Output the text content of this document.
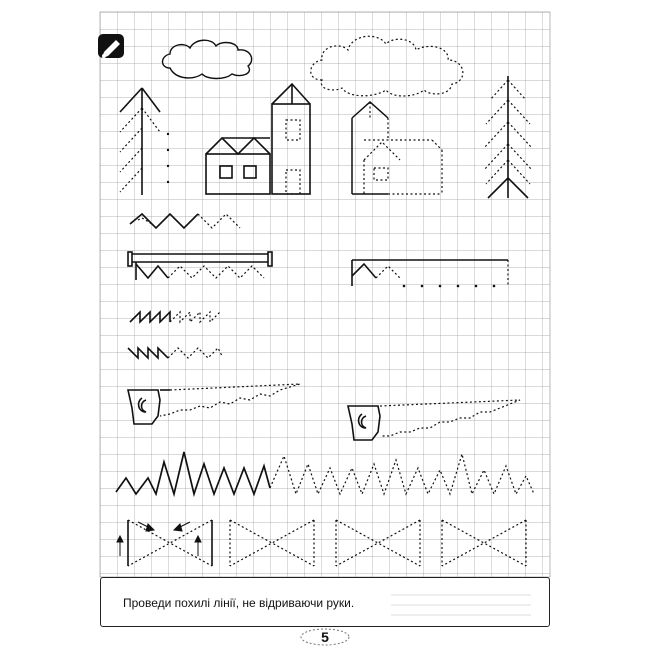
Проведи похилі лінії, не відриваючи руки.
5
